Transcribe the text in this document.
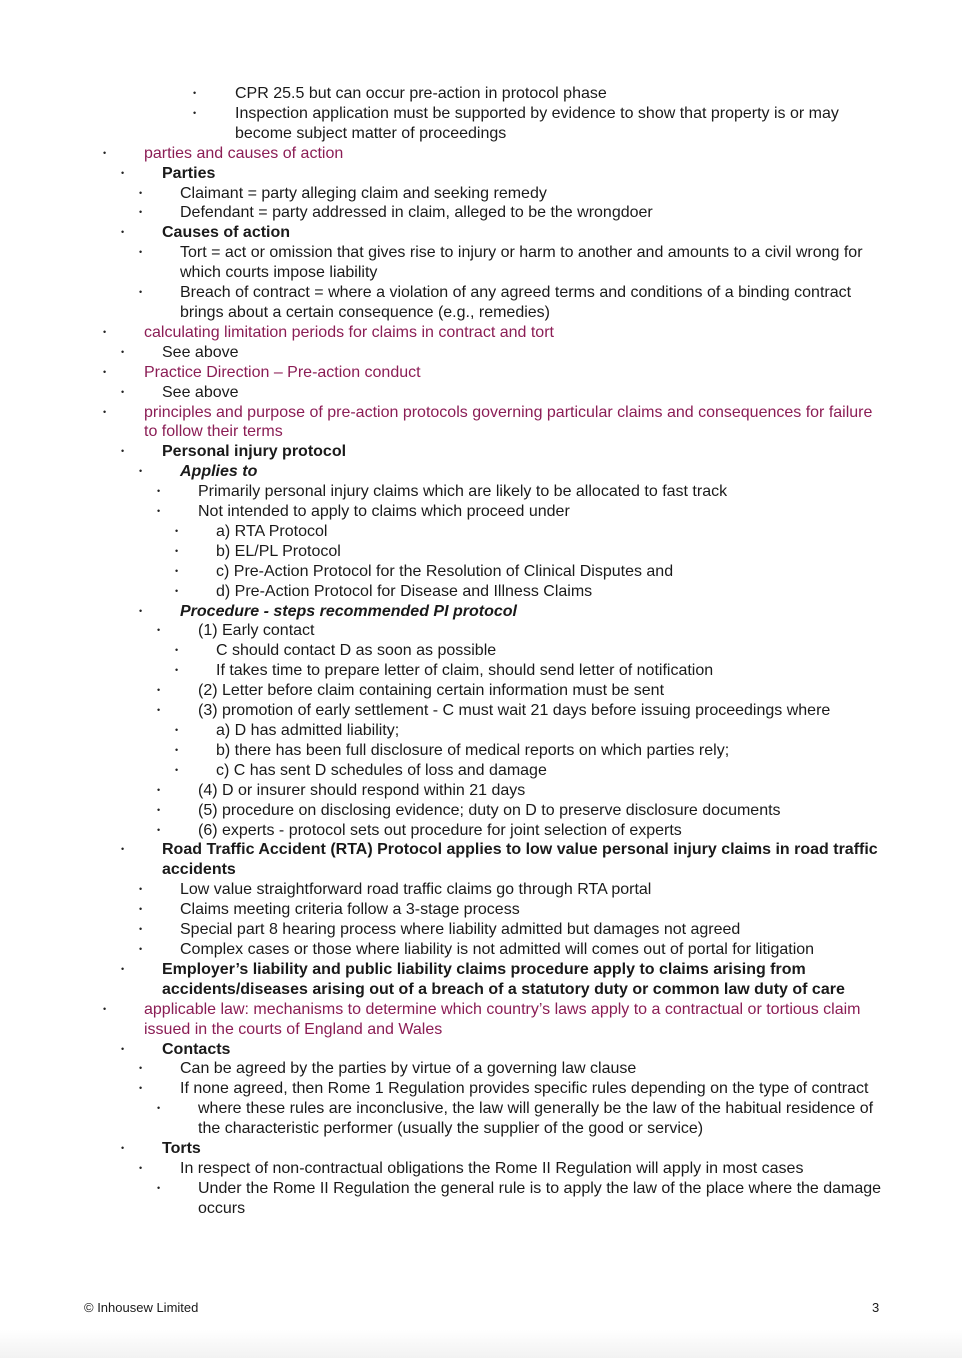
• CPR 25.5 but can occur pre-action in protocol phase
• Inspection application must be supported by evidence to show that property is or may become subject matter of proceedings
• parties and causes of action
• Parties
• Claimant = party alleging claim and seeking remedy
• Defendant = party addressed in claim, alleged to be the wrongdoer
• Causes of action
• Tort = act or omission that gives rise to injury or harm to another and amounts to a civil wrong for which courts impose liability
• Breach of contract = where a violation of any agreed terms and conditions of a binding contract brings about a certain consequence (e.g., remedies)
• calculating limitation periods for claims in contract and tort
• See above
• Practice Direction – Pre-action conduct
• See above
• principles and purpose of pre-action protocols governing particular claims and consequences for failure to follow their terms
• Personal injury protocol
• Applies to
• Primarily personal injury claims which are likely to be allocated to fast track
• Not intended to apply to claims which proceed under
• a) RTA Protocol
• b) EL/PL Protocol
• c) Pre-Action Protocol for the Resolution of Clinical Disputes and
• d) Pre-Action Protocol for Disease and Illness Claims
• Procedure - steps recommended PI protocol
• (1) Early contact
• C should contact D as soon as possible
• If takes time to prepare letter of claim, should send letter of notification
• (2) Letter before claim containing certain information must be sent
• (3) promotion of early settlement - C must wait 21 days before issuing proceedings where
• a) D has admitted liability;
• b) there has been full disclosure of medical reports on which parties rely;
• c) C has sent D schedules of loss and damage
• (4) D or insurer should respond within 21 days
• (5) procedure on disclosing evidence; duty on D to preserve disclosure documents
• (6) experts - protocol sets out procedure for joint selection of experts
• Road Traffic Accident (RTA) Protocol applies to low value personal injury claims in road traffic accidents
• Low value straightforward road traffic claims go through RTA portal
• Claims meeting criteria follow a 3-stage process
• Special part 8 hearing process where liability admitted but damages not agreed
• Complex cases or those where liability is not admitted will comes out of portal for litigation
• Employer’s liability and public liability claims procedure apply to claims arising from accidents/diseases arising out of a breach of a statutory duty or common law duty of care
• applicable law: mechanisms to determine which country’s laws apply to a contractual or tortious claim issued in the courts of England and Wales
• Contacts
• Can be agreed by the parties by virtue of a governing law clause
• If none agreed, then Rome 1 Regulation provides specific rules depending on the type of contract
• where these rules are inconclusive, the law will generally be the law of the habitual residence of the characteristic performer (usually the supplier of the good or service)
• Torts
• In respect of non-contractual obligations the Rome II Regulation will apply in most cases
• Under the Rome II Regulation the general rule is to apply the law of the place where the damage occurs
© Inhousew Limited	3
